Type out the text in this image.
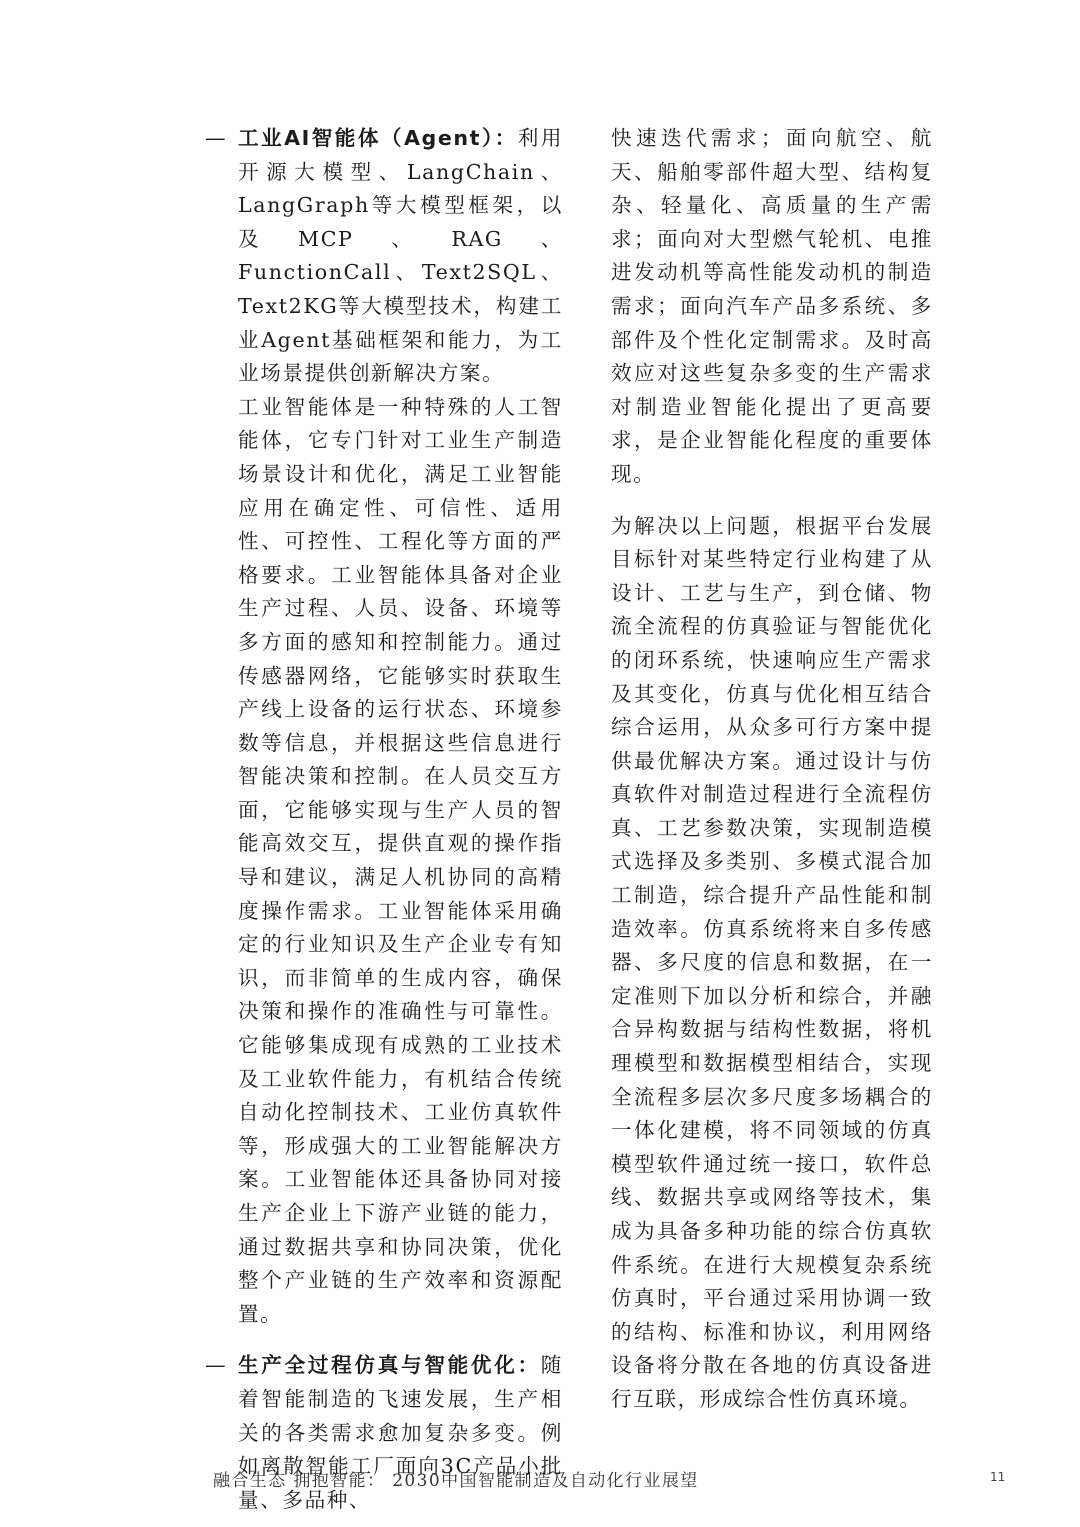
— 工业AI智能体（Agent）：利用开源大模型、LangChain、LangGraph等大模型框架，以及MCP、RAG、FunctionCall、Text2SQL、Text2KG等大模型技术，构建工业Agent基础框架和能力，为工业场景提供创新解决方案。
工业智能体是一种特殊的人工智能体，它专门针对工业生产制造场景设计和优化，满足工业智能应用在确定性、可信性、适用性、可控性、工程化等方面的严格要求。工业智能体具备对企业生产过程、人员、设备、环境等多方面的感知和控制能力。通过传感器网络，它能够实时获取生产线上设备的运行状态、环境参数等信息，并根据这些信息进行智能决策和控制。在人员交互方面，它能够实现与生产人员的智能高效交互，提供直观的操作指导和建议，满足人机协同的高精度操作需求。工业智能体采用确定的行业知识及生产企业专有知识，而非简单的生成内容，确保决策和操作的准确性与可靠性。它能够集成现有成熟的工业技术及工业软件能力，有机结合传统自动化控制技术、工业仿真软件等，形成强大的工业智能解决方案。工业智能体还具备协同对接生产企业上下游产业链的能力，通过数据共享和协同决策，优化整个产业链的生产效率和资源配置。
— 生产全过程仿真与智能优化：随着智能制造的飞速发展，生产相关的各类需求愈加复杂多变。例如离散智能工厂面向3C产品小批量、多品种、
快速迭代需求；面向航空、航天、船舶零部件超大型、结构复杂、轻量化、高质量的生产需求；面向对大型燃气轮机、电推进发动机等高性能发动机的制造需求；面向汽车产品多系统、多部件及个性化定制需求。及时高效应对这些复杂多变的生产需求对制造业智能化提出了更高要求，是企业智能化程度的重要体现。
为解决以上问题，根据平台发展目标针对某些特定行业构建了从设计、工艺与生产，到仓储、物流全流程的仿真验证与智能优化的闭环系统，快速响应生产需求及其变化，仿真与优化相互结合综合运用，从众多可行方案中提供最优解决方案。通过设计与仿真软件对制造过程进行全流程仿真、工艺参数决策，实现制造模式选择及多类别、多模式混合加工制造，综合提升产品性能和制造效率。仿真系统将来自多传感器、多尺度的信息和数据，在一定准则下加以分析和综合，并融合异构数据与结构性数据，将机理模型和数据模型相结合，实现全流程多层次多尺度多场耦合的一体化建模，将不同领域的仿真模型软件通过统一接口，软件总线、数据共享或网络等技术，集成为具备多种功能的综合仿真软件系统。在进行大规模复杂系统仿真时，平台通过采用协调一致的结构、标准和协议，利用网络设备将分散在各地的仿真设备进行互联，形成综合性仿真环境。
融合生态 拥抱智能： 2030中国智能制造及自动化行业展望	11
